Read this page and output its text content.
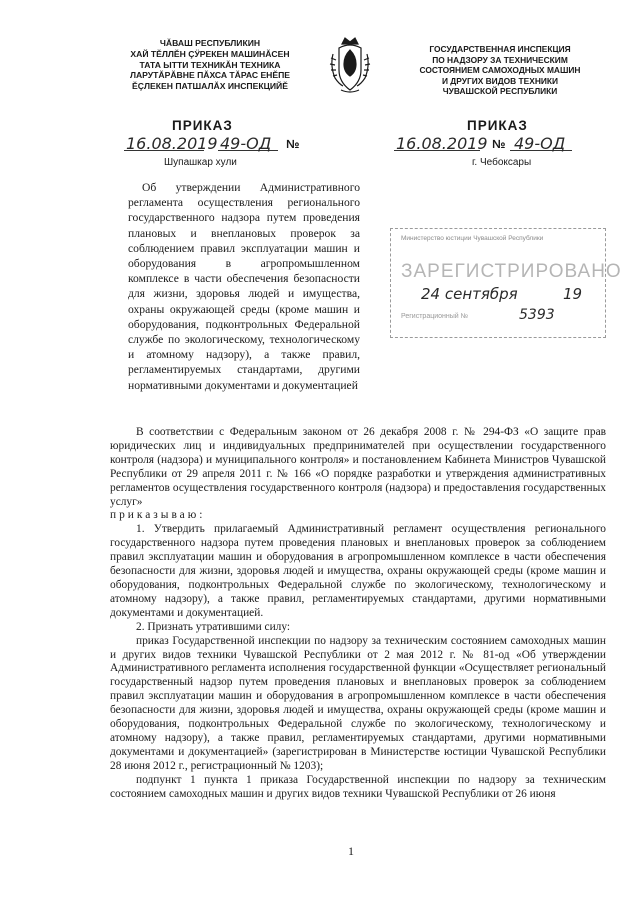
ЧӐВАШ РЕСПУБЛИКИН
ХАЙ ТĔЛЛĔН ÇӰРЕКЕН МАШИНĂСЕН
ТАТА ЫТТИ ТЕХНИКĂН ТЕХНИКА
ЛАРУТĂРĂВНЕ ПĂХСА ТĂРАС ЕНĔПЕ
ĔÇЛЕКЕН ПАТШАЛĂХ ИНСПЕКЦИЙĔ
ГОСУДАРСТВЕННАЯ ИНСПЕКЦИЯ
ПО НАДЗОРУ ЗА ТЕХНИЧЕСКИМ
СОСТОЯНИЕМ САМОХОДНЫХ МАШИН
И ДРУГИХ ВИДОВ ТЕХНИКИ
ЧУВАШСКОЙ РЕСПУБЛИКИ
ПРИКАЗ
16.08.2019 49-ОД №
Шупашкар хули
ПРИКАЗ
16.08.2019 № 49-ОД
г. Чебоксары
Об утверждении Административного регламента осуществления регионального государственного надзора путем проведения плановых и внеплановых проверок за соблюдением правил эксплуатации машин и оборудования в агропромышленном комплексе в части обеспечения безопасности для жизни, здоровья людей и имущества, охраны окружающей среды (кроме машин и оборудования, подконтрольных Федеральной службе по экологическому, технологическому и атомному надзору), а также правил, регламентируемых стандартами, другими нормативными документами и документацией
Министерство юстиции Чувашской Республики
ЗАРЕГИСТРИРОВАНО
24 сентября	19
Регистрационный №	5393

В соответствии с Федеральным законом от 26 декабря 2008 г. № 294-ФЗ «О защите прав юридических лиц и индивидуальных предпринимателей при осуществлении государственного контроля (надзора) и муниципального контроля» и постановлением Кабинета Министров Чувашской Республики от 29 апреля 2011 г. № 166 «О порядке разработки и утверждения административных регламентов осуществления государственного контроля (надзора) и предоставления государственных услуг»

приказываю:

1. Утвердить прилагаемый Административный регламент осуществления регионального государственного надзора путем проведения плановых и внеплановых проверок за соблюдением правил эксплуатации машин и оборудования в агропромышленном комплексе в части обеспечения безопасности для жизни, здоровья людей и имущества, охраны окружающей среды (кроме машин и оборудования, подконтрольных Федеральной службе по экологическому, технологическому и атомному надзору), а также правил, регламентируемых стандартами, другими нормативными документами и документацией.

2. Признать утратившими силу:

приказ Государственной инспекции по надзору за техническим состоянием самоходных машин и других видов техники Чувашской Республики от 2 мая 2012 г. № 81-од «Об утверждении Административного регламента исполнения государственной функции «Осуществляет региональный государственный надзор путем проведения плановых и внеплановых проверок за соблюдением правил эксплуатации машин и оборудования в агропромышленном комплексе в части обеспечения безопасности для жизни, здоровья людей и имущества, охраны окружающей среды (кроме машин и оборудования, подконтрольных Федеральной службе по экологическому, технологическому и атомному надзору), а также правил, регламентируемых стандартами, другими нормативными документами и документацией» (зарегистрирован в Министерстве юстиции Чувашской Республики 28 июня 2012 г., регистрационный № 1203);

подпункт 1 пункта 1 приказа Государственной инспекции по надзору за техническим состоянием самоходных машин и других видов техники Чувашской Республики от 26 июня

1
